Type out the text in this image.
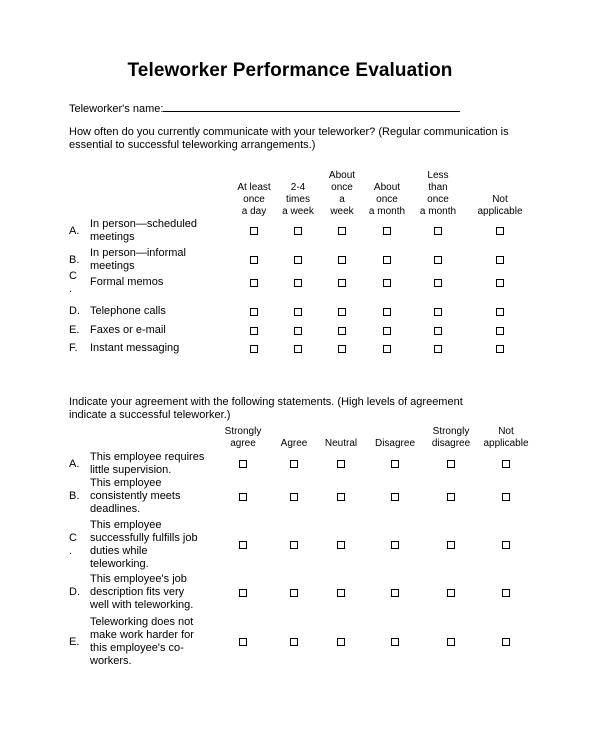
Teleworker Performance Evaluation
Teleworker's name:
How often do you currently communicate with your teleworker? (Regular communication is essential to successful teleworking arrangements.)
Indicate your agreement with the following statements. (High levels of agreement indicate a successful teleworker.)
At least
once
a day
2-4
times
a week
About
once
a
week
About
once
a month
Less
than
once
a month
Not
applicable
A.
In person—scheduled
meetings
B.
In person—informal
meetings
C
.
Formal memos
D. Telephone calls
E. Faxes or e-mail
F.	Instant messaging
Strongly
agree	Agree Neutral Disagree
Strongly
disagree
Not
applicable
A.
This employee requires
little supervision.
B.
This employee
consistently meets
deadlines.
C
.
This employee
successfully fulfills job
duties while
teleworking.
D.
This employee's job
description fits very
well with teleworking.
E.
Teleworking does not
make work harder for
this employee's co-
workers.
